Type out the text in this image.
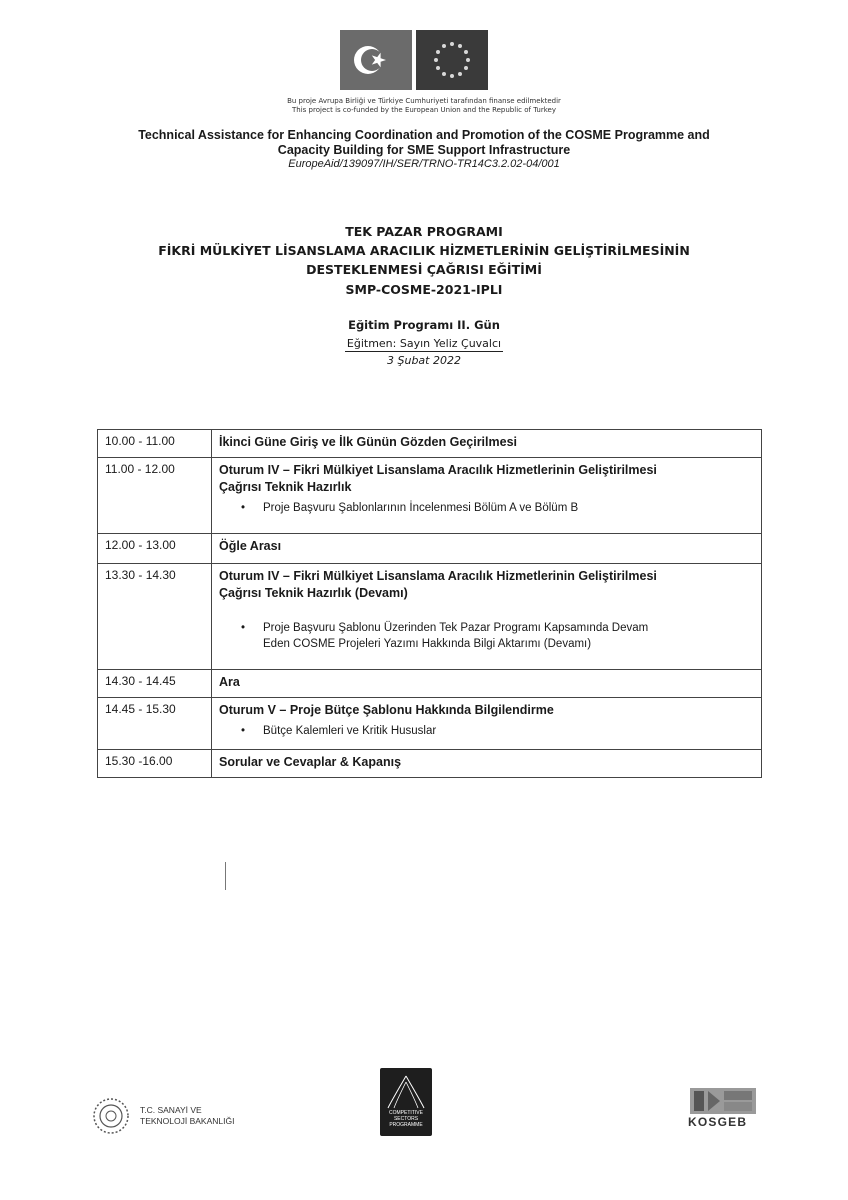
Bu proje Avrupa Birliği ve Türkiye Cumhuriyeti tarafından finanse edilmektedir
This project is co-funded by the European Union and the Republic of Turkey
Technical Assistance for Enhancing Coordination and Promotion of the COSME Programme and
Capacity Building for SME Support Infrastructure
EuropeAid/139097/IH/SER/TRNO-TR14C3.2.02-04/001
TEK PAZAR PROGRAMI
FİKRİ MÜLKİYET LİSANSLAMA ARACILIK HİZMETLERİNİN GELİŞTİRİLMESİNİN
DESTEKLENMESİ ÇAĞRISI EĞİTİMİ
SMP-COSME-2021-IPLI
Eğitim Programı II. Gün
Eğitmen: Sayın Yeliz Çuvalcı
3 Şubat 2022
10.00 - 11.00	İkinci Güne Giriş ve İlk Günün Gözden Geçirilmesi

11.00 - 12.00	Oturum IV – Fikri Mülkiyet Lisanslama Aracılık Hizmetlerinin Geliştirilmesi
Çağrısı Teknik Hazırlık
• Proje Başvuru Şablonlarının İncelenmesi Bölüm A ve Bölüm B

12.00 - 13.00	Öğle Arası

13.30 - 14.30	Oturum IV – Fikri Mülkiyet Lisanslama Aracılık Hizmetlerinin Geliştirilmesi
Çağrısı Teknik Hazırlık (Devamı)
• Proje Başvuru Şablonu Üzerinden Tek Pazar Programı Kapsamında Devam
Eden COSME Projeleri Yazımı Hakkında Bilgi Aktarımı (Devamı)

14.30 - 14.45	Ara

14.45 - 15.30	Oturum V – Proje Bütçe Şablonu Hakkında Bilgilendirme
• Bütçe Kalemleri ve Kritik Hususlar

15.30 -16.00	Sorular ve Cevaplar & Kapanış
T.C. SANAYİ VE
TEKNOLOJİ BAKANLIĞI
COMPETITIVE
SECTORS
PROGRAMME	KOSGEB
